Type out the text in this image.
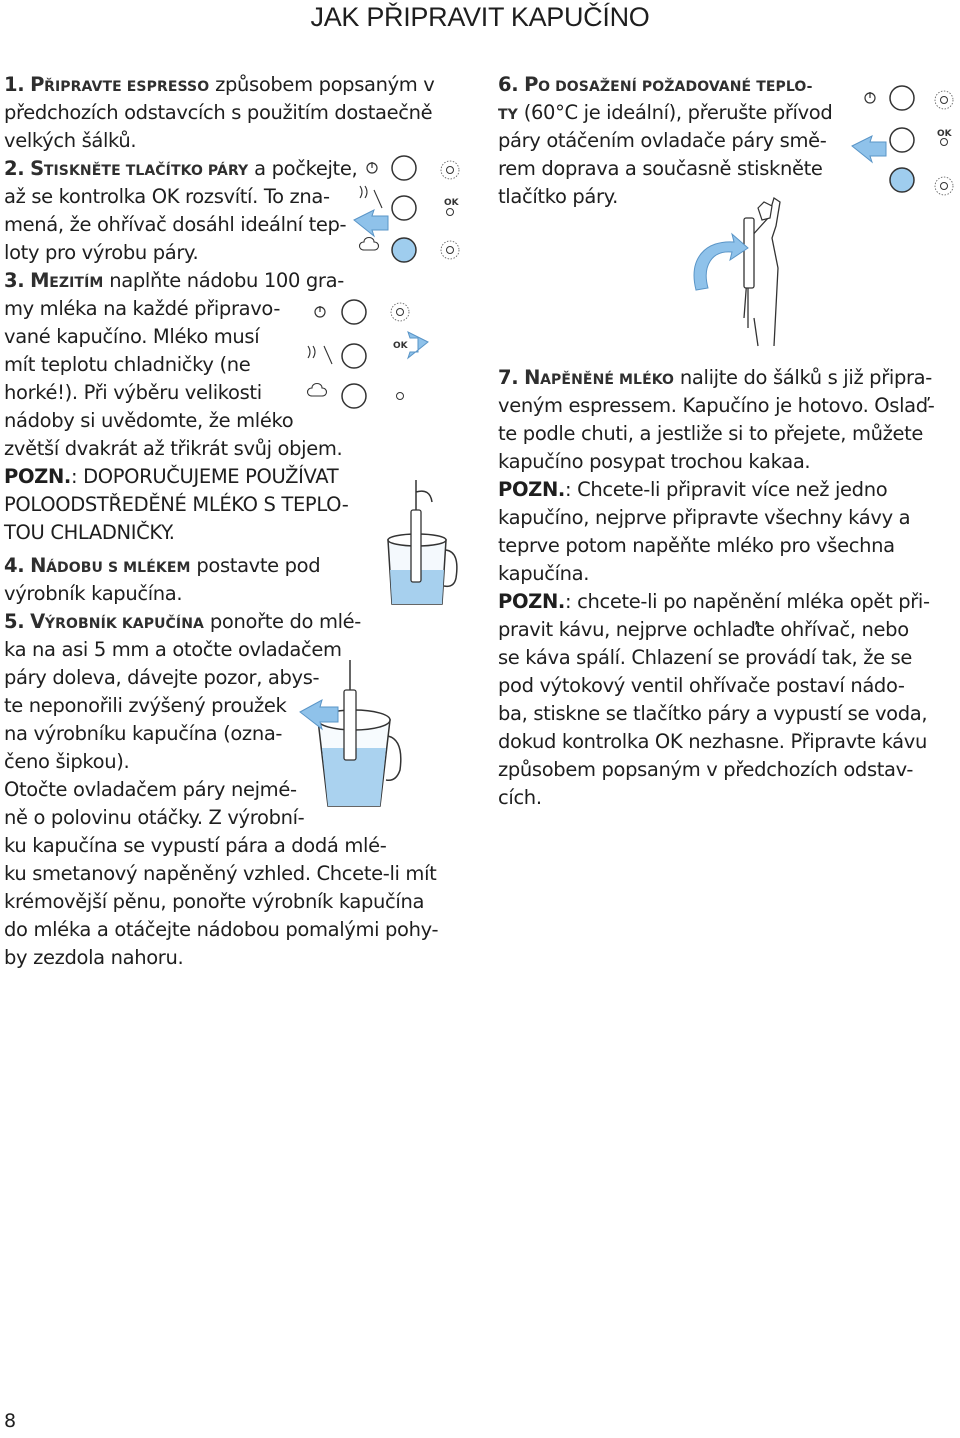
JAK PŘIPRAVIT KAPUČÍNO
1. PŘIPRAVTE ESPRESSO způsobem popsaným v
předchozích odstavcích s použitím dostaečně
velkých šálků.
2. STISKNĚTE TLAČÍTKO PÁRY a počkejte,
až se kontrolka OK rozsvítí. To zna-
mená, že ohřívač dosáhl ideální tep-
loty pro výrobu páry.
3. MEZITÍM naplňte nádobu 100 gra-
my mléka na každé připravo-
vané kapučíno. Mléko musí
mít teplotu chladničky (ne
horké!). Při výběru velikosti
nádoby si uvědomte, že mléko
zvětší dvakrát až třikrát svůj objem.
POZN.: DOPORUČUJEME POUŽÍVAT
POLOODSTŘEDĚNÉ MLÉKO S TEPLO-
TOU CHLADNIČKY.
4. NÁDOBU S MLÉKEM postavte pod
výrobník kapučína.
5. VÝROBNÍK KAPUČÍNA ponořte do mlé-
ka na asi 5 mm a otočte ovladačem
páry doleva, dávejte pozor, abys-
te neponořili zvýšený proužek
na výrobníku kapučína (ozna-
čeno šipkou).
Otočte ovladačem páry nejmé-
ně o polovinu otáčky. Z výrobní-
ku kapučína se vypustí pára a dodá mlé-
ku smetanový napěněný vzhled. Chcete-li mít
krémovější pěnu, ponořte výrobník kapučína
do mléka a otáčejte nádobou pomalými pohy-
by zezdola nahoru.
6. PO DOSAŽENÍ POŽADOVANÉ TEPLO-
TY (60°C je ideální), přerušte přívod
páry otáčením ovladače páry smě-
rem doprava a současně stiskněte
tlačítko páry.
7. NAPĚNĚNÉ MLÉKO nalijte do šálků s již připra-
veným espressem. Kapučíno je hotovo. Oslaď-
te podle chuti, a jestliže si to přejete, můžete
kapučíno posypat trochou kakaa.
POZN.: Chcete-li připravit více než jedno
kapučíno, nejprve připravte všechny kávy a
teprve potom napěňte mléko pro všechna
kapučína.
POZN.: chcete-li po napěnění mléka opět při-
pravit kávu, nejprve ochlaďte ohřívač, nebo
se káva spálí. Chlazení se provádí tak, že se
pod výtokový ventil ohřívače postaví nádo-
ba, stiskne se tlačítko páry a vypustí se voda,
dokud kontrolka OK nezhasne. Připravte kávu
způsobem popsaným v předchozích odstav-
cích.
OK
OK
OK
8
